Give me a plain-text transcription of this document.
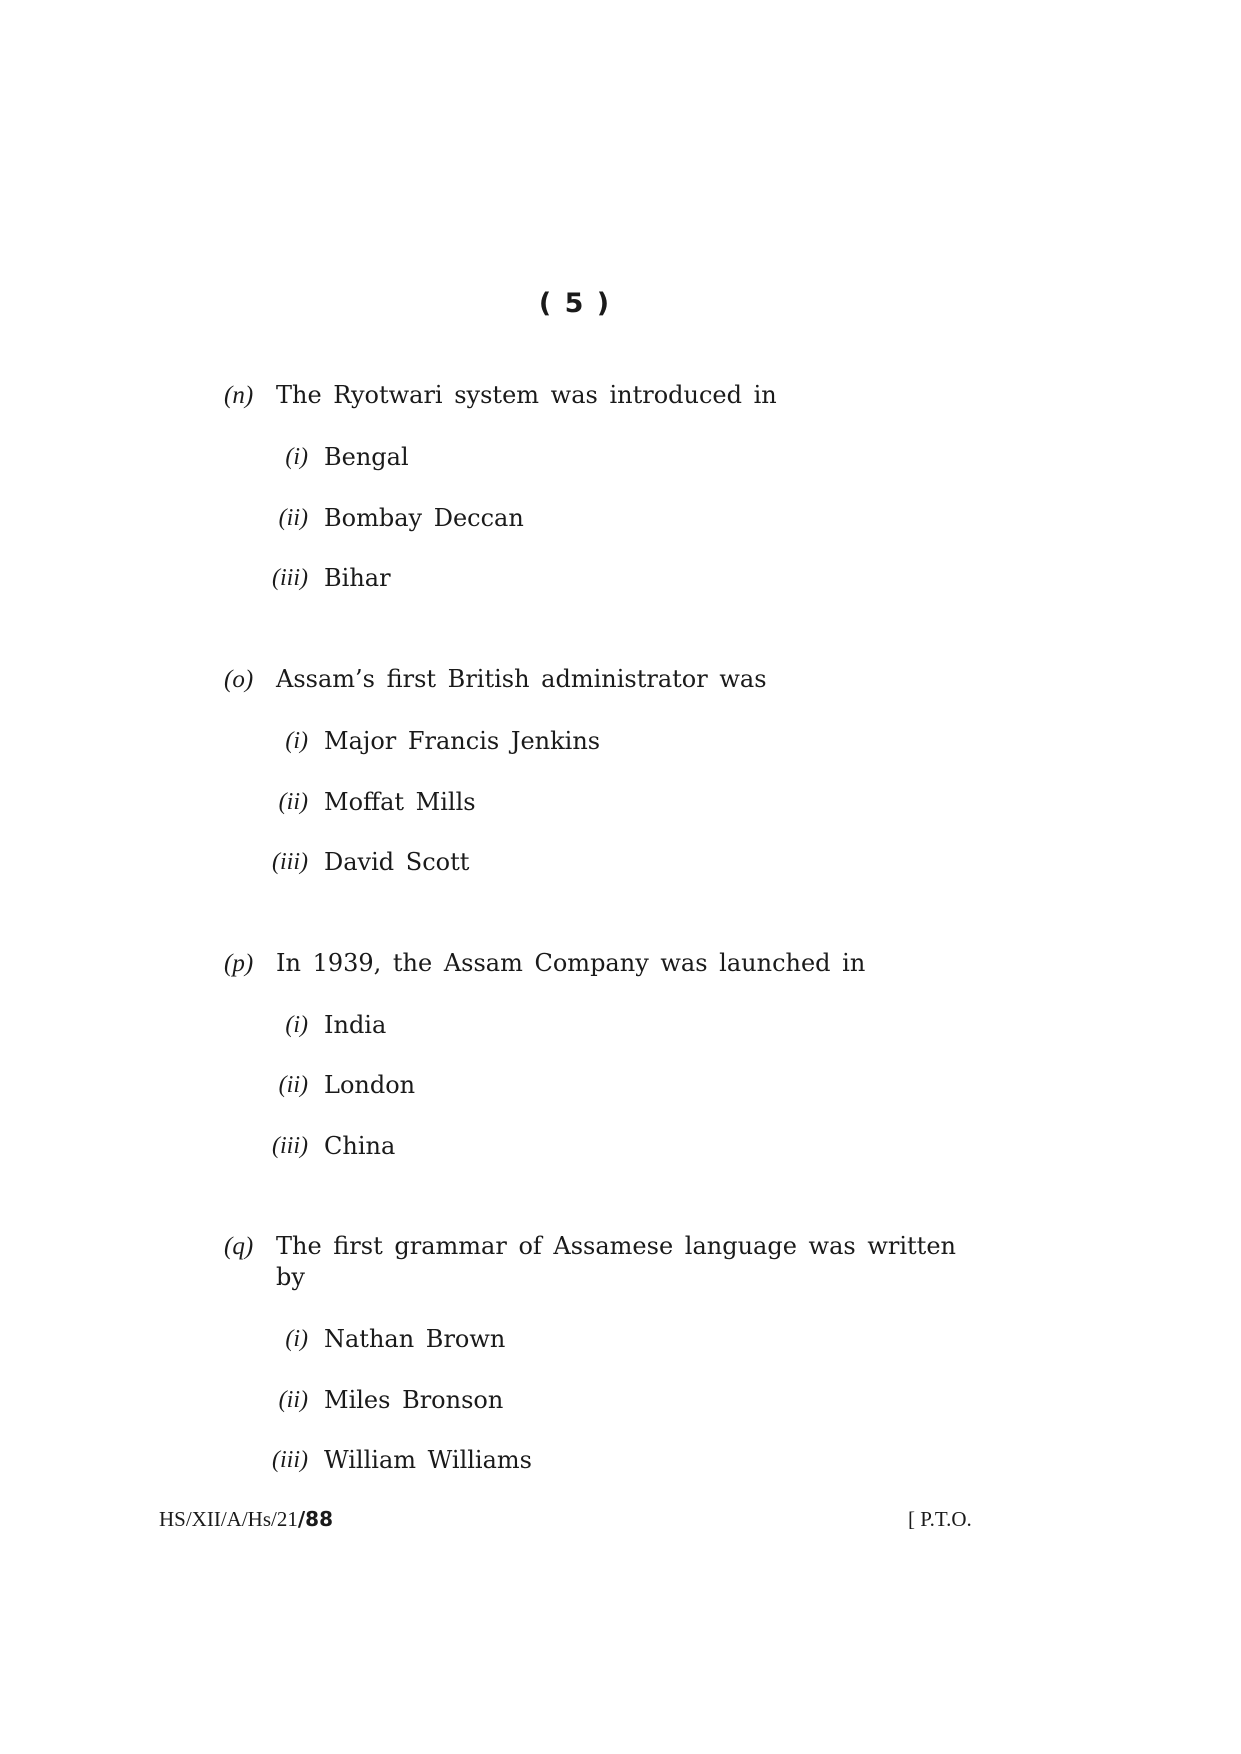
( 5 )
(n) The Ryotwari system was introduced in
(i) Bengal
(ii) Bombay Deccan
(iii) Bihar
(o) Assam’s first British administrator was
(i) Major Francis Jenkins
(ii) Moffat Mills
(iii) David Scott
(p) In 1939, the Assam Company was launched in
(i) India
(ii) London
(iii) China
(q) The first grammar of Assamese language was written
by
(i) Nathan Brown
(ii) Miles Bronson
(iii) William Williams
HS/XII/A/Hs/21/88	[ P.T.O.
